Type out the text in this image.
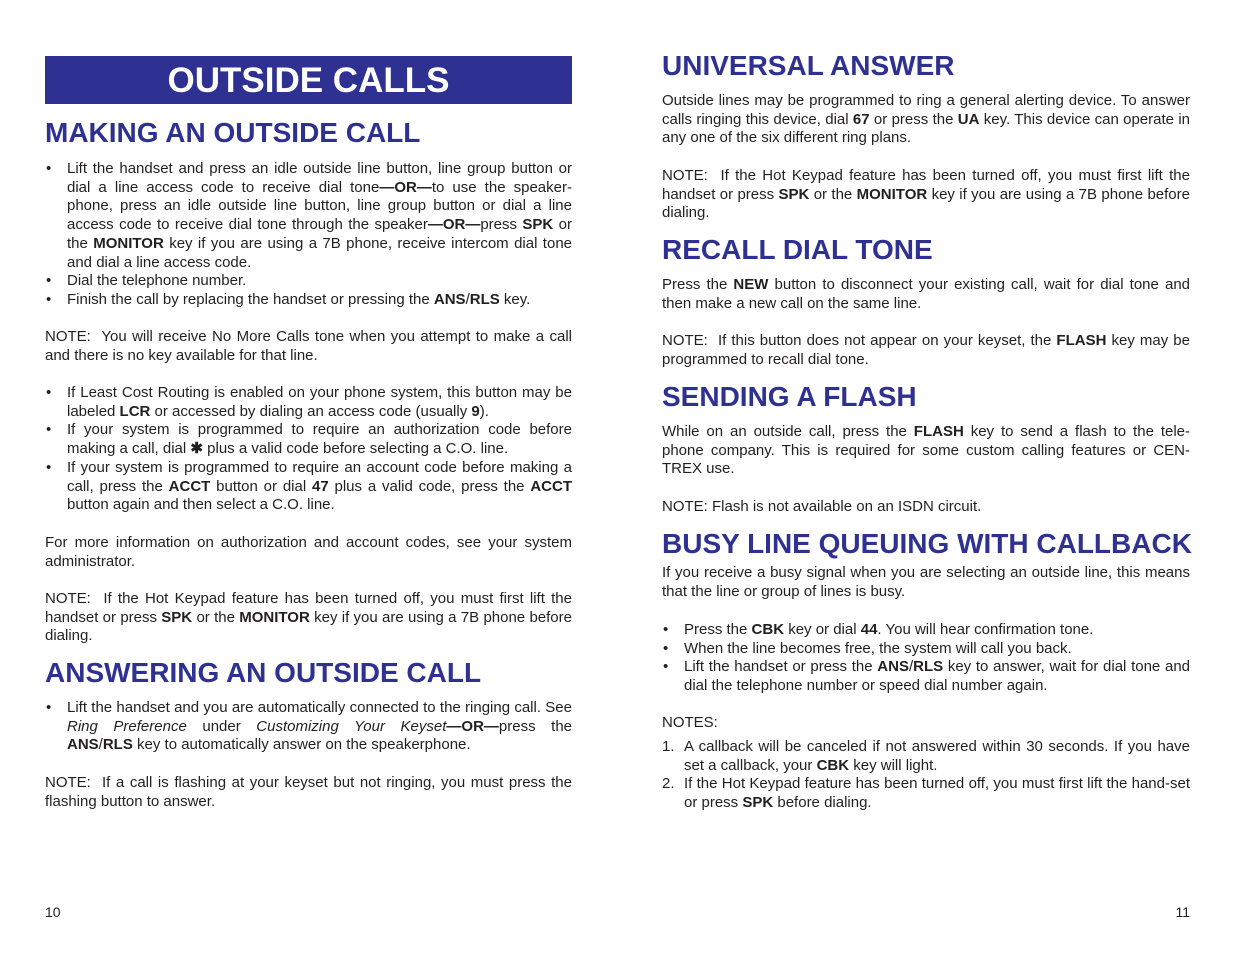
OUTSIDE CALLS
MAKING AN OUTSIDE CALL
•	Lift the handset and press an idle outside line button, line group button or dial a line access code to receive dial tone—OR—to use the speaker-phone, press an idle outside line button, line group button or dial a line access code to receive dial tone through the speaker—OR—press SPK or the MONITOR key if you are using a 7B phone, receive intercom dial tone and dial a line access code.
•	Dial the telephone number.
•	Finish the call by replacing the handset or pressing the ANS/RLS key.

NOTE:  You will receive No More Calls tone when you attempt to make a call and there is no key available for that line.

•	If Least Cost Routing is enabled on your phone system, this button may be labeled LCR or accessed by dialing an access code (usually 9).
•	If your system is programmed to require an authorization code before making a call, dial ✱ plus a valid code before selecting a C.O. line.
•	If your system is programmed to require an account code before making a call, press the ACCT button or dial 47 plus a valid code, press the ACCT button again and then select a C.O. line.

For more information on authorization and account codes, see your system administrator.

NOTE:  If the Hot Keypad feature has been turned off, you must first lift the handset or press SPK or the MONITOR key if you are using a 7B phone before dialing.

ANSWERING AN OUTSIDE CALL
•	Lift the handset and you are automatically connected to the ringing call. See Ring Preference under Customizing Your Keyset—OR—press the ANS/RLS key to automatically answer on the speakerphone.

NOTE:  If a call is flashing at your keyset but not ringing, you must press the flashing button to answer.

10
UNIVERSAL ANSWER

Outside lines may be programmed to ring a general alerting device. To answer calls ringing this device, dial 67 or press the UA key. This device can operate in any one of the six different ring plans.

NOTE:  If the Hot Keypad feature has been turned off, you must first lift the handset or press SPK or the MONITOR key if you are using a 7B phone before dialing.

RECALL DIAL TONE

Press the NEW button to disconnect your existing call, wait for dial tone and then make a new call on the same line.

NOTE:  If this button does not appear on your keyset, the FLASH key may be programmed to recall dial tone.

SENDING A FLASH

While on an outside call, press the FLASH key to send a flash to the tele-phone company. This is required for some custom calling features or CEN-TREX use.

NOTE: Flash is not available on an ISDN circuit.

BUSY LINE QUEUING WITH CALLBACK

If you receive a busy signal when you are selecting an outside line, this means that the line or group of lines is busy.

•	Press the CBK key or dial 44. You will hear confirmation tone.
•	When the line becomes free, the system will call you back.
•	Lift the handset or press the ANS/RLS key to answer, wait for dial tone and dial the telephone number or speed dial number again.

NOTES:

1. A callback will be canceled if not answered within 30 seconds. If you have set a callback, your CBK key will light.
2. If the Hot Keypad feature has been turned off, you must first lift the hand-set or press SPK before dialing.
11
